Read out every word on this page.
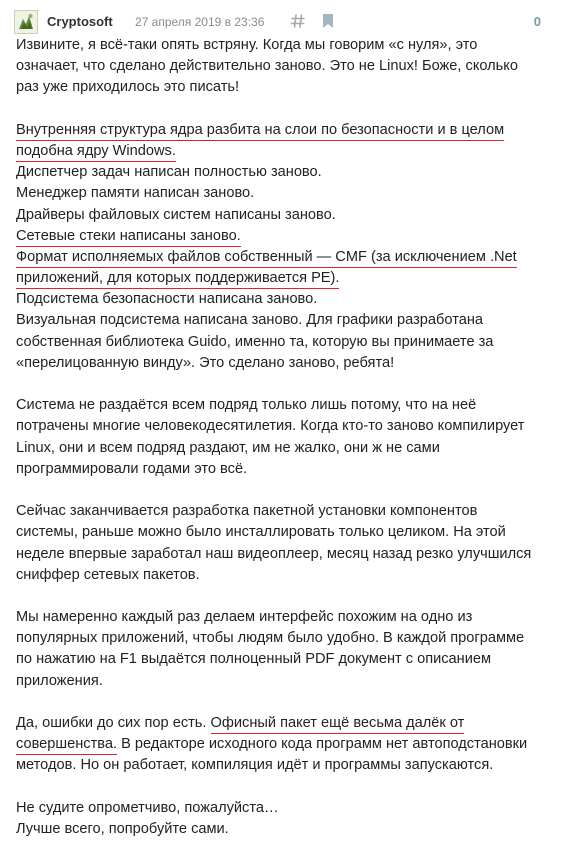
Cryptosoft 27 апреля 2019 в 23:36	0
Извините, я всё-таки опять встряну. Когда мы говорим «с нуля», это
означает, что сделано действительно заново. Это не Linux! Боже, сколько
раз уже приходилось это писать!
Внутренняя структура ядра разбита на слои по безопасности и в целом
подобна ядру Windows.
Диспетчер задач написан полностью заново.
Менеджер памяти написан заново.
Драйверы файловых систем написаны заново.
Сетевые стеки написаны заново.
Формат исполняемых файлов собственный — CMF (за исключением .Net
приложений, для которых поддерживается PE).
Подсистема безопасности написана заново.
Визуальная подсистема написана заново. Для графики разработана
собственная библиотека Guido, именно та, которую вы принимаете за
«перелицованную винду». Это сделано заново, ребята!
Система не раздаётся всем подряд только лишь потому, что на неё
потрачены многие человекодесятилетия. Когда кто-то заново компилирует
Linux, они и всем подряд раздают, им не жалко, они ж не сами
программировали годами это всё.
Сейчас заканчивается разработка пакетной установки компонентов
системы, раньше можно было инсталлировать только целиком. На этой
неделе впервые заработал наш видеоплеер, месяц назад резко улучшился
сниффер сетевых пакетов.
Мы намеренно каждый раз делаем интерфейс похожим на одно из
популярных приложений, чтобы людям было удобно. В каждой программе
по нажатию на F1 выдаётся полноценный PDF документ с описанием
приложения.
Да, ошибки до сих пор есть. Офисный пакет ещё весьма далёк от
совершенства. В редакторе исходного кода программ нет автоподстановки
методов. Но он работает, компиляция идёт и программы запускаются.
Не судите опрометчиво, пожалуйста…
Лучше всего, попробуйте сами.
